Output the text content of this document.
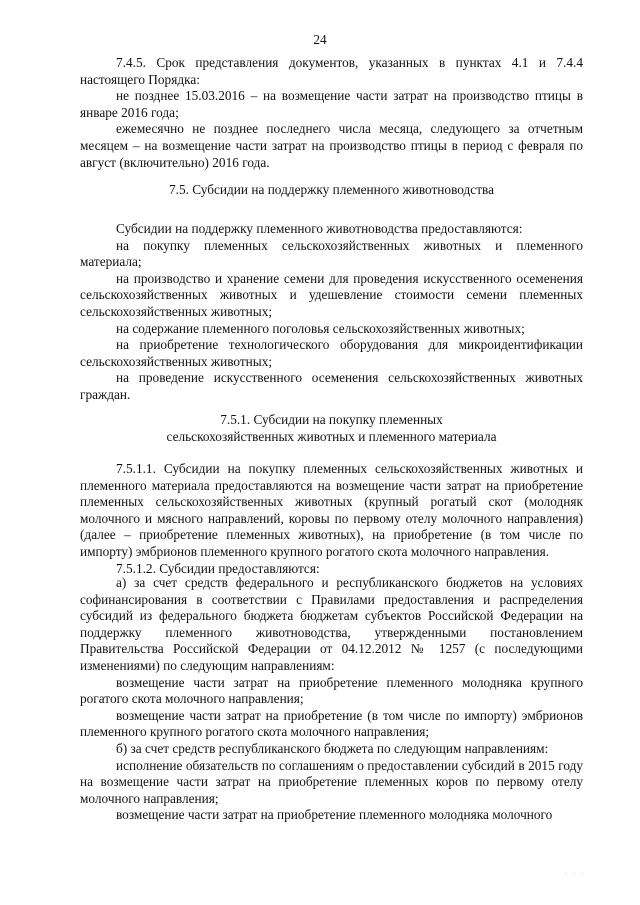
24

7.4.5. Срок представления документов, указанных в пунктах 4.1 и 7.4.4 настоящего Порядка:

не позднее 15.03.2016 – на возмещение части затрат на производство птицы в январе 2016 года;

ежемесячно не позднее последнего числа месяца, следующего за отчетным месяцем – на возмещение части затрат на производство птицы в период с февраля по август (включительно) 2016 года.

7.5. Субсидии на поддержку племенного животноводства

Субсидии на поддержку племенного животноводства предоставляются:

на покупку племенных сельскохозяйственных животных и племенного материала;

на производство и хранение семени для проведения искусственного осеменения сельскохозяйственных животных и удешевление стоимости семени племенных сельскохозяйственных животных;

на содержание племенного поголовья сельскохозяйственных животных;

на приобретение технологического оборудования для микроидентификации сельскохозяйственных животных;

на проведение искусственного осеменения сельскохозяйственных животных граждан.

7.5.1. Субсидии на покупку племенных

сельскохозяйственных животных и племенного материала

7.5.1.1. Субсидии на покупку племенных сельскохозяйственных животных и племенного материала предоставляются на возмещение части затрат на приобретение племенных сельскохозяйственных животных (крупный рогатый скот (молодняк молочного и мясного направлений, коровы по первому отелу молочного направления) (далее – приобретение племенных животных), на приобретение (в том числе по импорту) эмбрионов племенного крупного рогатого скота молочного направления.

7.5.1.2. Субсидии предоставляются:

а) за счет средств федерального и республиканского бюджетов на условиях софинансирования в соответствии с Правилами предоставления и распределения субсидий из федерального бюджета бюджетам субъектов Российской Федерации на поддержку племенного животноводства, утвержденными постановлением Правительства Российской Федерации от 04.12.2012 № 1257 (с последующими изменениями) по следующим направлениям:

возмещение части затрат на приобретение племенного молодняка крупного рогатого скота молочного направления;

возмещение части затрат на приобретение (в том числе по импорту) эмбрионов племенного крупного рогатого скота молочного направления;

б) за счет средств республиканского бюджета по следующим направлениям:

исполнение обязательств по соглашениям о предоставлении субсидий в 2015 году на возмещение части затрат на приобретение племенных коров по первому отелу молочного направления;

возмещение части затрат на приобретение племенного молодняка молочного

· · ·
